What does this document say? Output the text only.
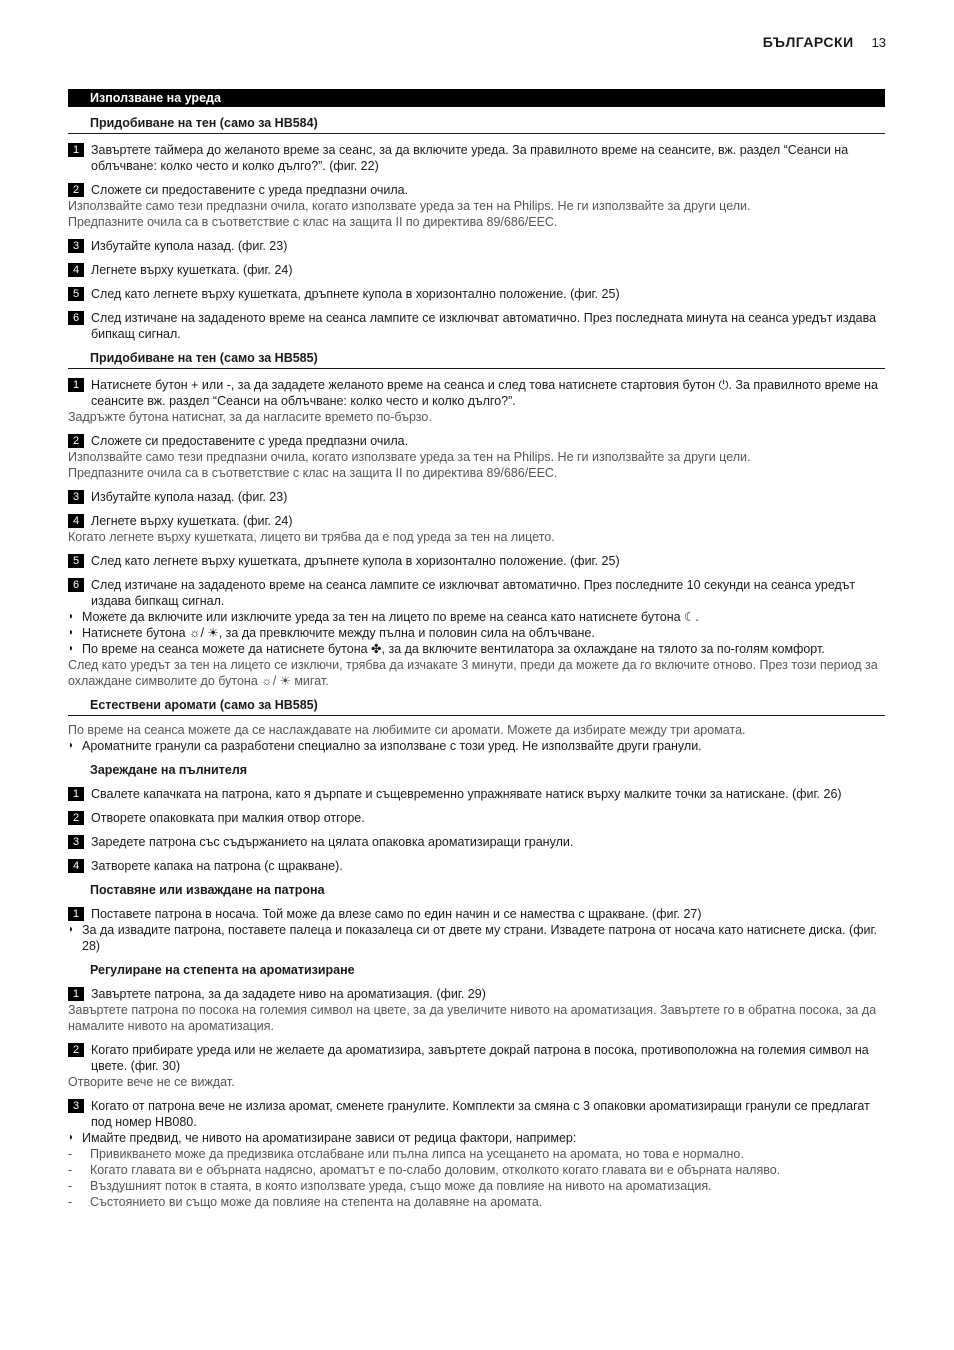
БЪЛГАРСКИ 13
Използване на уреда
Придобиване на тен (само за HB584)
1 Завъртете таймера до желаното време за сеанс, за да включите уреда. За правилното време на сеансите, вж. раздел “Сеанси на облъчване: колко често и колко дълго?”. (фиг. 22)
2 Сложете си предоставените с уреда предпазни очила.
Използвайте само тези предпазни очила, когато използвате уреда за тен на Philips. Не ги използвайте за други цели.
Предпазните очила са в съответствие с клас на защита II по директива 89/686/EEC.
3 Избутайте купола назад. (фиг. 23)
4 Легнете върху кушетката. (фиг. 24)
5 След като легнете върху кушетката, дръпнете купола в хоризонтално положение. (фиг. 25)
6 След изтичане на зададеното време на сеанса лампите се изключват автоматично. През последната минута на сеанса уредът издава бипкащ сигнал.
Придобиване на тен (само за HB585)
1 Натиснете бутон + или -, за да зададете желаното време на сеанса и след това натиснете стартовия бутон ⏻. За правилното време на сеансите вж. раздел “Сеанси на облъчване: колко често и колко дълго?”.
Задръжте бутона натиснат, за да нагласите времето по-бързо.
2 Сложете си предоставените с уреда предпазни очила.
Използвайте само тези предпазни очила, когато използвате уреда за тен на Philips. Не ги използвайте за други цели.
Предпазните очила са в съответствие с клас на защита II по директива 89/686/EEC.
3 Избутайте купола назад. (фиг. 23)
4 Легнете върху кушетката. (фиг. 24)
Когато легнете върху кушетката, лицето ви трябва да е под уреда за тен на лицето.
5 След като легнете върху кушетката, дръпнете купола в хоризонтално положение. (фиг. 25)
6 След изтичане на зададеното време на сеанса лампите се изключват автоматично. През последните 10 секунди на сеанса уредът издава бипкащ сигнал.
◗ Можете да включите или изключите уреда за тен на лицето по време на сеанса като натиснете бутона ☾.
◗ Натиснете бутона ☼/ ☀, за да превключите между пълна и половин сила на облъчване.
◗ По време на сеанса можете да натиснете бутона ✤, за да включите вентилатора за охлаждане на тялото за по-голям комфорт.
След като уредът за тен на лицето се изключи, трябва да изчакате 3 минути, преди да можете да го включите отново. През този период за охлаждане символите до бутона ☼/ ☀ мигат.
Естествени аромати (само за HB585)
По време на сеанса можете да се наслаждавате на любимите си аромати. Можете да избирате между три аромата.
◗ Ароматните гранули са разработени специално за използване с този уред. Не използвайте други гранули.
Зареждане на пълнителя
1 Свалете капачката на патрона, като я дърпате и същевременно упражнявате натиск върху малките точки за натискане. (фиг. 26)
2 Отворете опаковката при малкия отвор отгоре.
3 Заредете патрона със съдържанието на цялата опаковка ароматизиращи гранули.
4 Затворете капака на патрона (с щракване).
Поставяне или изваждане на патрона
1 Поставете патрона в носача. Той може да влезе само по един начин и се намества с щракване. (фиг. 27)
◗ За да извадите патрона, поставете палеца и показалеца си от двете му страни. Извадете патрона от носача като натиснете диска. (фиг. 28)
Регулиране на степента на ароматизиране
1 Завъртете патрона, за да зададете ниво на ароматизация. (фиг. 29)
Завъртете патрона по посока на големия символ на цвете, за да увеличите нивото на ароматизация. Завъртете го в обратна посока, за да намалите нивото на ароматизация.
2 Когато прибирате уреда или не желаете да ароматизира, завъртете докрай патрона в посока, противоположна на големия символ на цвете. (фиг. 30)
Отворите вече не се виждат.
3 Когато от патрона вече не излиза аромат, сменете гранулите. Комплекти за смяна с 3 опаковки ароматизиращи гранули се предлагат под номер HB080.
◗ Имайте предвид, че нивото на ароматизиране зависи от редица фактори, например:
- Привикването може да предизвика отслабване или пълна липса на усещането на аромата, но това е нормално.
- Когато главата ви е обърната надясно, ароматът е по-слабо доловим, отколкото когато главата ви е обърната наляво.
- Въздушният поток в стаята, в която използвате уреда, също може да повлияе на нивото на ароматизация.
- Състоянието ви също може да повлияе на степента на долавяне на аромата.
